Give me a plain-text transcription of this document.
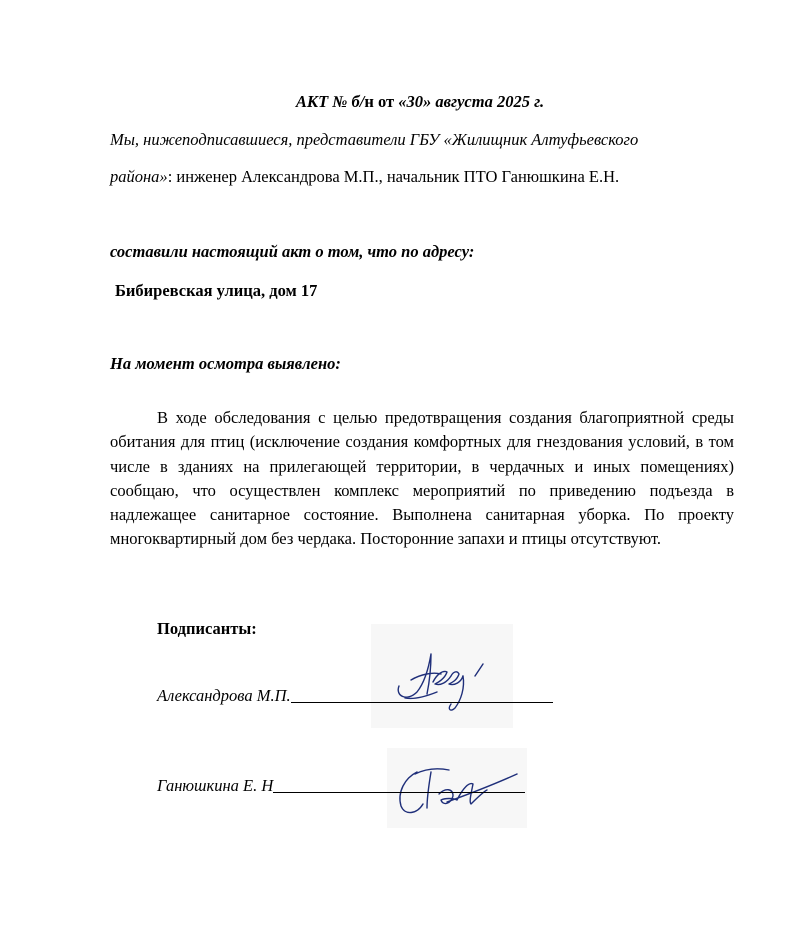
АКТ № б/н от «30» августа 2025 г.
Мы, нижеподписавшиеся, представители ГБУ «Жилищник Алтуфьевского
района»: инженер Александрова М.П., начальник ПТО Ганюшкина Е.Н.
составили настоящий акт о том, что по адресу:
Бибиревская улица, дом 17
На момент осмотра выявлено:
В ходе обследования с целью предотвращения создания благоприятной среды обитания для птиц (исключение создания комфортных для гнездования условий, в том числе в зданиях на прилегающей территории, в чердачных и иных помещениях) сообщаю, что осуществлен комплекс мероприятий по приведению подъезда в надлежащее санитарное состояние. Выполнена санитарная уборка. По проекту многоквартирный дом без чердака. Посторонние запахи и птицы отсутствуют.
Подписанты:
Александрова М.П.
Ганюшкина Е. Н
